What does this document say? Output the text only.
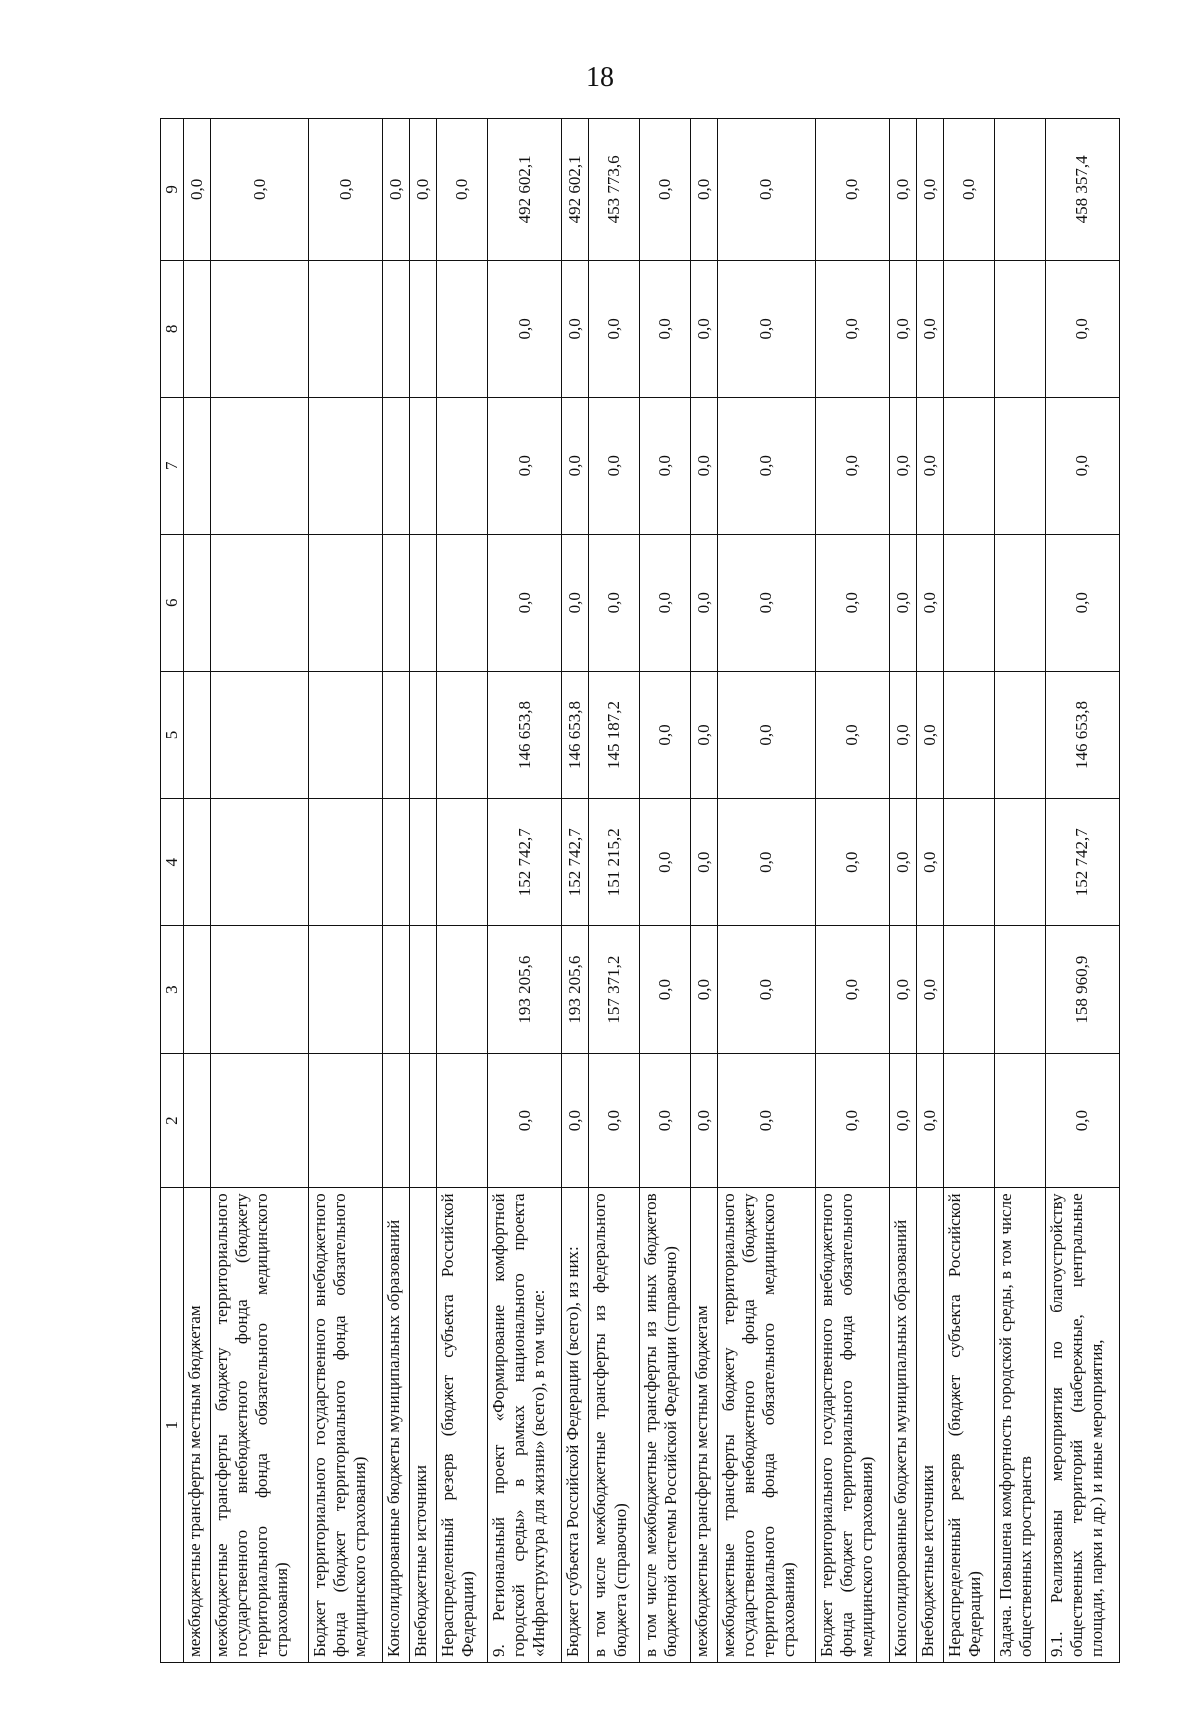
18
1	2	3	4	5	6	7	8	9
межбюджетные трансферты местным бюджетам								0,0
межбюджетные трансферты бюджету территориального государственного внебюджетного фонда (бюджету территориального фонда обязательного медицинского страхования)								0,0
Бюджет территориального государственного внебюджетного фонда (бюджет территориального фонда обязательного медицинского страхования)								0,0
Консолидированные бюджеты муниципальных образований								0,0
Внебюджетные источники								0,0
Нераспределенный резерв (бюджет субъекта Российской Федерации)								0,0
9. Региональный проект «Формирование комфортной городской среды» в рамках национального проекта «Инфраструктура для жизни» (всего), в том числе:	0,0	193 205,6	152 742,7	146 653,8	0,0	0,0	0,0	492 602,1
Бюджет субъекта Российской Федерации (всего), из них:	0,0	193 205,6	152 742,7	146 653,8	0,0	0,0	0,0	492 602,1
в том числе межбюджетные трансферты из федерального бюджета (справочно)	0,0	157 371,2	151 215,2	145 187,2	0,0	0,0	0,0	453 773,6
в том числе межбюджетные трансферты из иных бюджетов бюджетной системы Российской Федерации (справочно)	0,0	0,0	0,0	0,0	0,0	0,0	0,0	0,0
межбюджетные трансферты местным бюджетам	0,0	0,0	0,0	0,0	0,0	0,0	0,0	0,0
межбюджетные трансферты бюджету территориального государственного внебюджетного фонда (бюджету территориального фонда обязательного медицинского страхования)	0,0	0,0	0,0	0,0	0,0	0,0	0,0	0,0
Бюджет территориального государственного внебюджетного фонда (бюджет территориального фонда обязательного медицинского страхования)	0,0	0,0	0,0	0,0	0,0	0,0	0,0	0,0
Консолидированные бюджеты муниципальных образований	0,0	0,0	0,0	0,0	0,0	0,0	0,0	0,0
Внебюджетные источники	0,0	0,0	0,0	0,0	0,0	0,0	0,0	0,0
Нераспределенный резерв (бюджет субъекта Российской Федерации)								0,0
Задача. Повышена комфортность городской среды, в том числе общественных пространств								
9.1. Реализованы мероприятия по благоустройству общественных территорий (набережные, центральные площади, парки и др.) и иные мероприятия,	0,0	158 960,9	152 742,7	146 653,8	0,0	0,0	0,0	458 357,4
